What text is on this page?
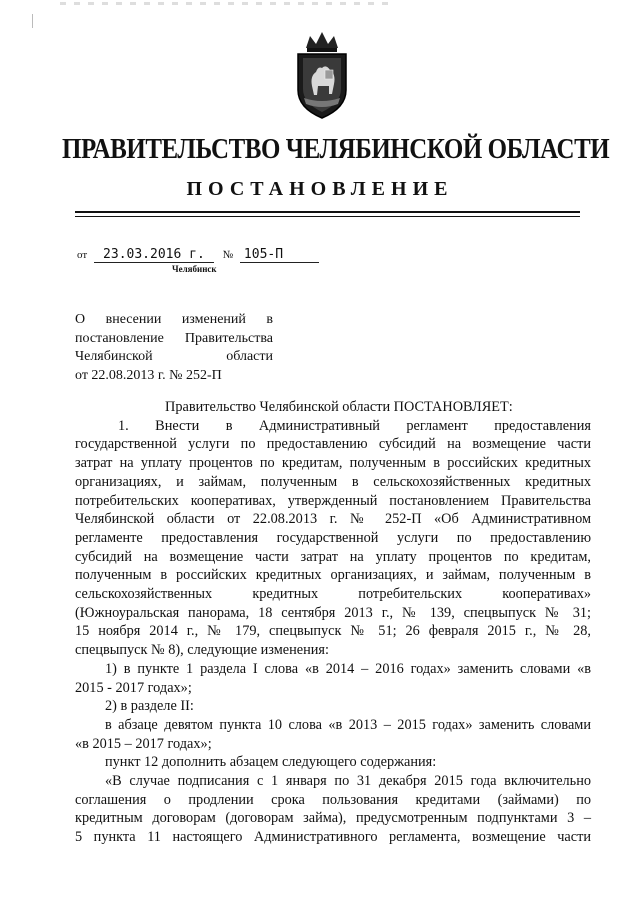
ПРАВИТЕЛЬСТВО ЧЕЛЯБИНСКОЙ ОБЛАСТИ
ПОСТАНОВЛЕНИЕ
от 23.03.2016 г. № 105-П
Челябинск
О внесении изменений в
постановление Правительства
Челябинской области
от 22.08.2013 г. № 252-П
Правительство Челябинской области ПОСТАНОВЛЯЕТ:
1. Внести в Административный регламент предоставления
государственной услуги по предоставлению субсидий на возмещение части
затрат на уплату процентов по кредитам, полученным в российских кредитных
организациях, и займам, полученным в сельскохозяйственных кредитных
потребительских кооперативах, утвержденный постановлением Правительства
Челябинской области от 22.08.2013 г. № 252-П «Об Административном
регламенте предоставления государственной услуги по предоставлению
субсидий на возмещение части затрат на уплату процентов по кредитам,
полученным в российских кредитных организациях, и займам, полученным в
сельскохозяйственных кредитных потребительских кооперативах»
(Южноуральская панорама, 18 сентября 2013 г., № 139, спецвыпуск № 31;
15 ноября 2014 г., № 179, спецвыпуск № 51; 26 февраля 2015 г., № 28,
спецвыпуск № 8), следующие изменения:
1) в пункте 1 раздела I слова «в 2014 – 2016 годах» заменить словами «в
2015 - 2017 годах»;
2) в разделе II:
в абзаце девятом пункта 10 слова «в 2013 – 2015 годах» заменить словами
«в 2015 – 2017 годах»;
пункт 12 дополнить абзацем следующего содержания:
«В случае подписания с 1 января по 31 декабря 2015 года включительно
соглашения о продлении срока пользования кредитами (займами) по
кредитным договорам (договорам займа), предусмотренным подпунктами 3 –
5 пункта 11 настоящего Административного регламента, возмещение части
